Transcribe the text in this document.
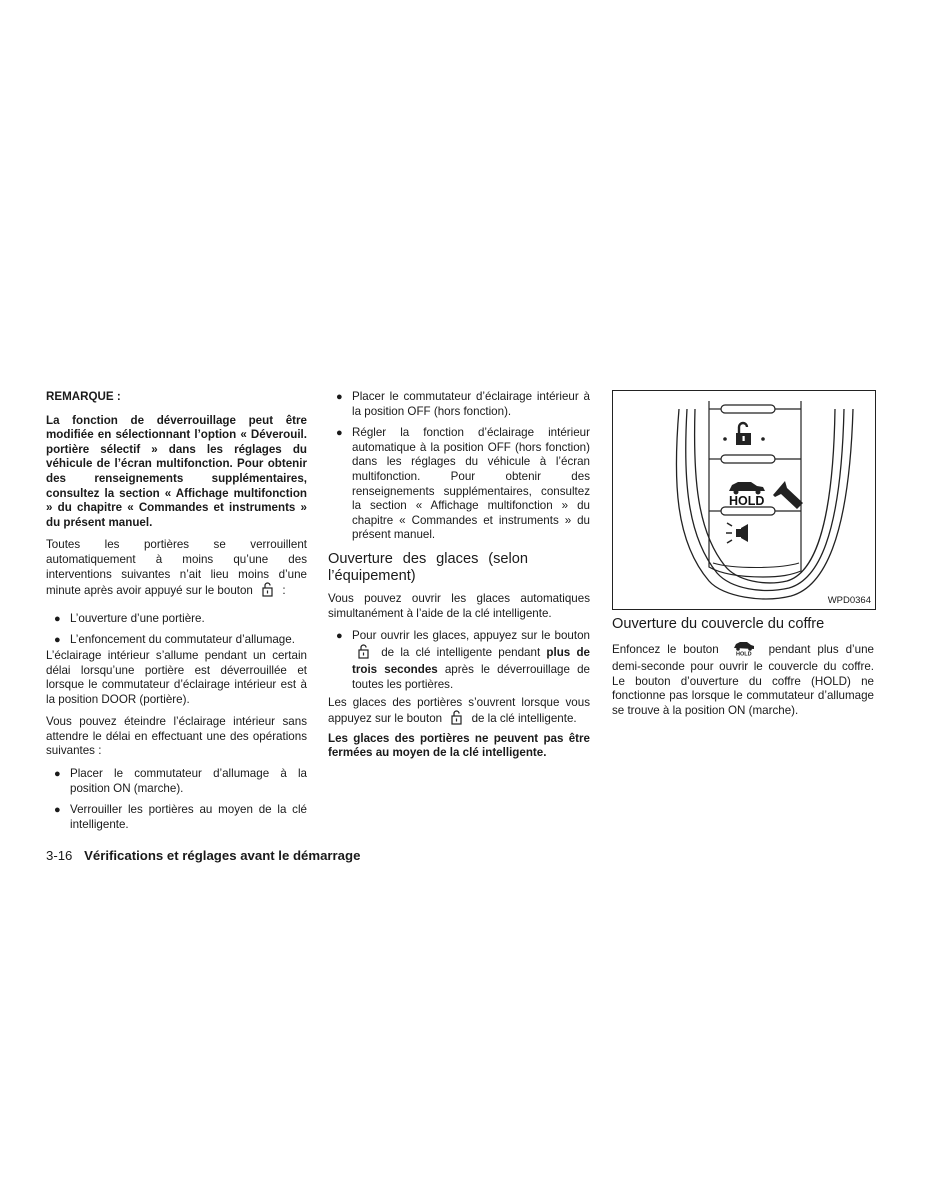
REMARQUE :

La fonction de déverrouillage peut être modifiée en sélectionnant l’option « Déverouil. portière sélectif » dans les réglages du véhicule de l’écran multifonction. Pour obtenir des renseignements supplémentaires, consultez la section « Affichage multifonction » du chapitre « Commandes et instruments » du présent manuel.

Toutes les portières se verrouillent automatiquement à moins qu’une des interventions suivantes n’ait lieu moins d’une minute après avoir appuyé sur le bouton	:

● L’ouverture d’une portière.
● L’enfoncement du commutateur d’allumage.

L’éclairage intérieur s’allume pendant un certain délai lorsqu’une portière est déverrouillée et lorsque le commutateur d’éclairage intérieur est à la position DOOR (portière).

Vous pouvez éteindre l’éclairage intérieur sans attendre le délai en effectuant une des opérations suivantes :

● Placer le commutateur d’allumage à la position ON (marche).
● Verrouiller les portières au moyen de la clé intelligente.
● Placer le commutateur d’éclairage intérieur à la position OFF (hors fonction).
● Régler la fonction d’éclairage intérieur automatique à la position OFF (hors fonction) dans les réglages du véhicule à l’écran multifonction. Pour obtenir des renseignements supplémentaires, consultez la section « Affichage multifonction » du chapitre « Commandes et instruments » du présent manuel.

Ouverture des glaces (selon l’équipement)

Vous pouvez ouvrir les glaces automatiques simultanément à l’aide de la clé intelligente.

● Pour ouvrir les glaces, appuyez sur le bouton  de la clé intelligente pendant plus de trois secondes après le déverrouillage de toutes les portières.

Les glaces des portières s’ouvrent lorsque vous appuyez sur le bouton	de la clé intelligente.

Les glaces des portières ne peuvent pas être fermées au moyen de la clé intelligente.

HOLD
WPD0364

Ouverture du couvercle du coffre

Enfoncez le bouton	HOLD pendant plus d’une demi-seconde pour ouvrir le couvercle du coffre. Le bouton d’ouverture du coffre (HOLD) ne fonctionne pas lorsque le commutateur d’allumage se trouve à la position ON (marche).

3-16 Vérifications et réglages avant le démarrage
